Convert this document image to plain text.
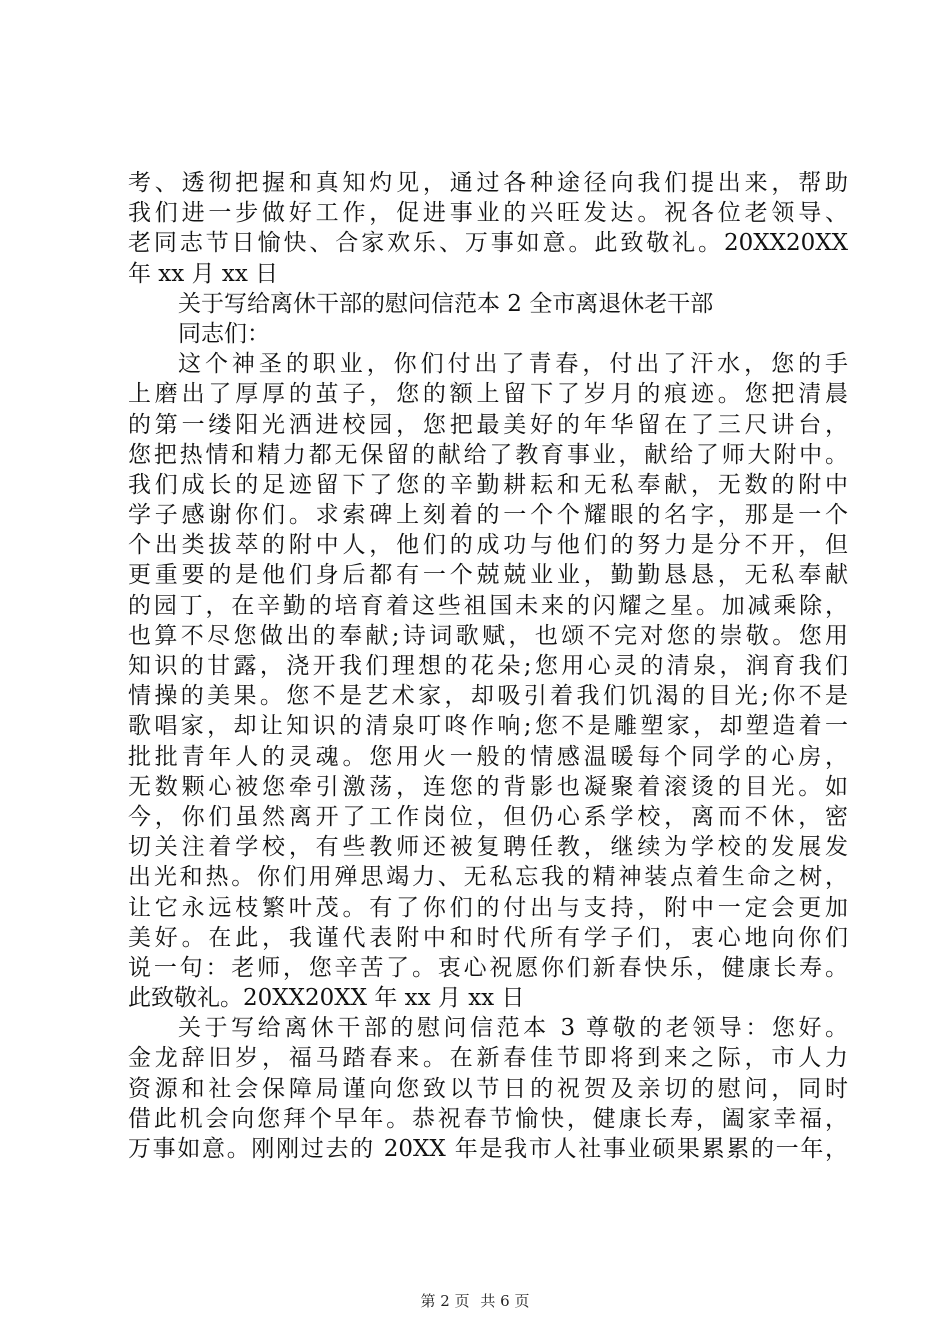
考、透彻把握和真知灼见，通过各种途径向我们提出来，帮助
我们进一步做好工作，促进事业的兴旺发达。祝各位老领导、
老同志节日愉快、合家欢乐、万事如意。此致敬礼。20XX20XX
年 xx 月 xx 日
关于写给离休干部的慰问信范本 2 全市离退休老干部
同志们：
这个神圣的职业，你们付出了青春，付出了汗水，您的手
上磨出了厚厚的茧子，您的额上留下了岁月的痕迹。您把清晨
的第一缕阳光洒进校园，您把最美好的年华留在了三尺讲台，
您把热情和精力都无保留的献给了教育事业，献给了师大附中。
我们成长的足迹留下了您的辛勤耕耘和无私奉献，无数的附中
学子感谢你们。求索碑上刻着的一个个耀眼的名字，那是一个
个出类拔萃的附中人，他们的成功与他们的努力是分不开，但
更重要的是他们身后都有一个兢兢业业，勤勤恳恳，无私奉献
的园丁，在辛勤的培育着这些祖国未来的闪耀之星。加减乘除，
也算不尽您做出的奉献;诗词歌赋，也颂不完对您的崇敬。您用
知识的甘露，浇开我们理想的花朵;您用心灵的清泉，润育我们
情操的美果。您不是艺术家，却吸引着我们饥渴的目光;你不是
歌唱家，却让知识的清泉叮咚作响;您不是雕塑家，却塑造着一
批批青年人的灵魂。您用火一般的情感温暖每个同学的心房，
无数颗心被您牵引激荡，连您的背影也凝聚着滚烫的目光。如
今，你们虽然离开了工作岗位，但仍心系学校，离而不休，密
切关注着学校，有些教师还被复聘任教，继续为学校的发展发
出光和热。你们用殚思竭力、无私忘我的精神装点着生命之树，
让它永远枝繁叶茂。有了你们的付出与支持，附中一定会更加
美好。在此，我谨代表附中和时代所有学子们，衷心地向你们
说一句：老师，您辛苦了。衷心祝愿你们新春快乐，健康长寿。
此致敬礼。20XX20XX 年 xx 月 xx 日
关于写给离休干部的慰问信范本 3 尊敬的老领导：您好。
金龙辞旧岁，福马踏春来。在新春佳节即将到来之际，市人力
资源和社会保障局谨向您致以节日的祝贺及亲切的慰问，同时
借此机会向您拜个早年。恭祝春节愉快，健康长寿，阖家幸福，
万事如意。刚刚过去的 20XX 年是我市人社事业硕果累累的一年，
第 2 页 共 6 页
